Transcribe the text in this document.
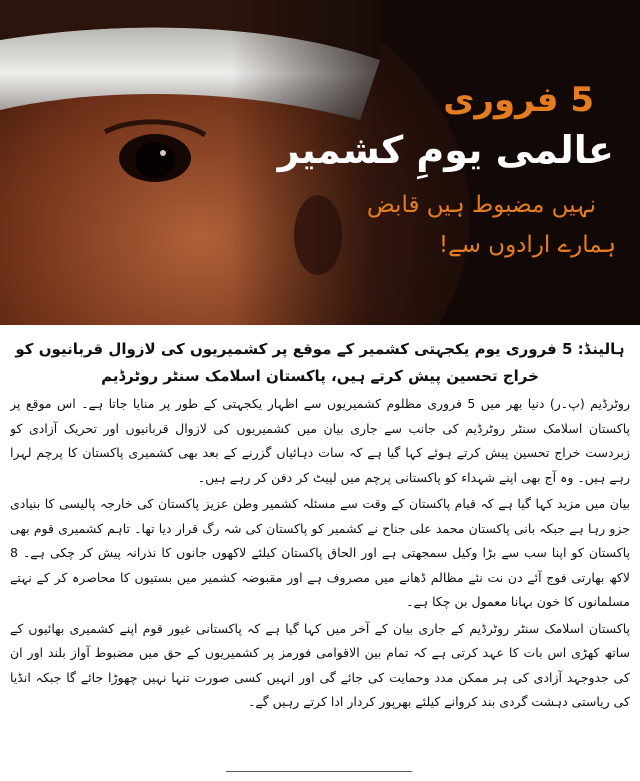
5 فروری
عالمی یومِ کشمیر
نہیں مضبوط ہیں قابض
ہمارے ارادوں سے!
ہالینڈ: 5 فروری یوم یکجہتی کشمیر کے موقع پر کشمیریوں کی لازوال قربانیوں کو
خراج تحسین پیش کرتے ہیں، پاکستان اسلامک سنٹر روٹرڈیم

روٹرڈیم (پ۔ر) دنیا بھر میں 5 فروری مظلوم کشمیریوں سے اظہار یکجہتی کے طور پر منایا جاتا ہے۔ اس موقع پر پاکستان اسلامک سنٹر روٹرڈیم کی جانب سے جاری بیان میں کشمیریوں کی لازوال قربانیوں اور تحریک آزادی کو زبردست خراج تحسین پیش کرتے ہوئے کہا گیا ہے کہ سات دہائیاں گزرنے کے بعد بھی کشمیری پاکستان کا پرچم لہرا رہے ہیں۔ وہ آج بھی اپنے شہداء کو پاکستانی پرچم میں لپیٹ کر دفن کر رہے ہیں۔

بیان میں مزید کہا گیا ہے کہ قیام پاکستان کے وقت سے مسئلہ کشمیر وطن عزیز پاکستان کی خارجہ پالیسی کا بنیادی جزو رہا ہے جبکہ بانی پاکستان محمد علی جناح نے کشمیر کو پاکستان کی شہ رگ قرار دیا تھا۔ تاہم کشمیری قوم بھی پاکستان کو اپنا سب سے بڑا وکیل سمجھتی ہے اور الحاق پاکستان کیلئے لاکھوں جانوں کا نذرانہ پیش کر چکی ہے۔ 8 لاکھ بھارتی فوج آئے دن نت نئے مظالم ڈھانے میں مصروف ہے اور مقبوضہ کشمیر میں بستیوں کا محاصرہ کر کے نہتے مسلمانوں کا خون بہانا معمول بن چکا ہے۔

پاکستان اسلامک سنٹر روٹرڈیم کے جاری بیان کے آخر میں کہا گیا ہے کہ پاکستانی غیور قوم اپنے کشمیری بھائیوں کے ساتھ کھڑی اس بات کا عہد کرتی ہے کہ تمام بین الاقوامی فورمز پر کشمیریوں کے حق میں مضبوط آواز بلند اور ان کی جدوجہد آزادی کی ہر ممکن مدد وحمایت کی جائے گی اور انہیں کسی صورت تنہا نہیں چھوڑا جائے گا جبکہ انڈیا کی ریاستی دہشت گردی بند کروانے کیلئے بھرپور کردار ادا کرتے رہیں گے۔
